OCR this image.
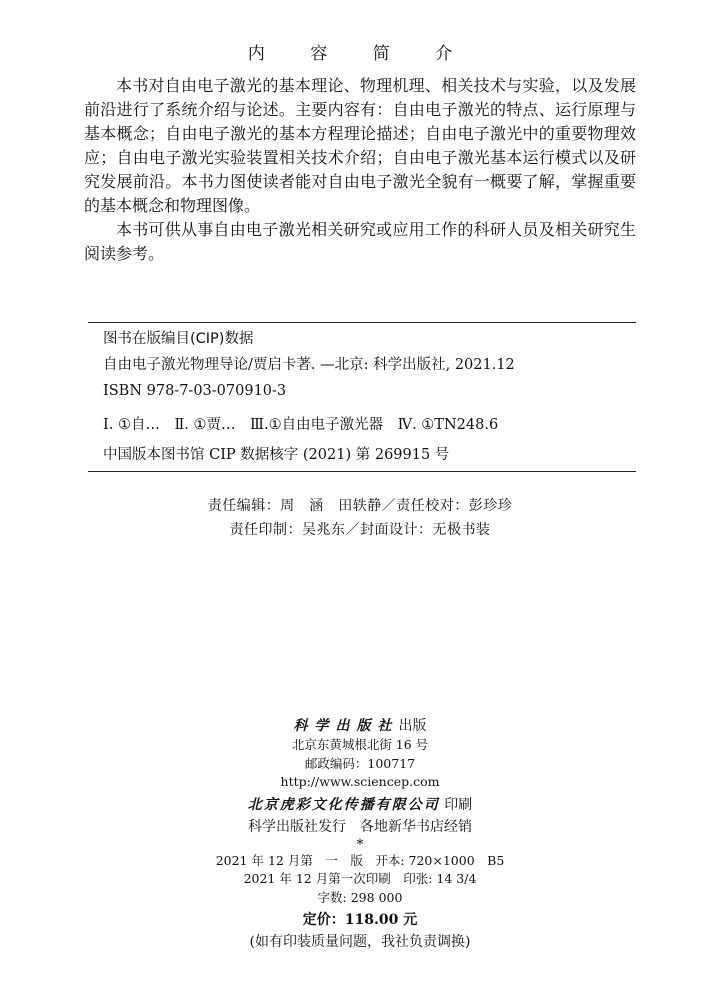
内 容 简 介

本书对自由电子激光的基本理论、物理机理、相关技术与实验，以及发展前沿进行了系统介绍与论述。主要内容有：自由电子激光的特点、运行原理与基本概念；自由电子激光的基本方程理论描述；自由电子激光中的重要物理效应；自由电子激光实验装置相关技术介绍；自由电子激光基本运行模式以及研究发展前沿。本书力图使读者能对自由电子激光全貌有一概要了解，掌握重要的基本概念和物理图像。

本书可供从事自由电子激光相关研究或应用工作的科研人员及相关研究生阅读参考。

图书在版编目(CIP)数据
自由电子激光物理导论/贾启卡著. —北京: 科学出版社, 2021.12
ISBN 978-7-03-070910-3
Ⅰ. ①自…　Ⅱ. ①贾…　Ⅲ.①自由电子激光器　Ⅳ. ①TN248.6
中国版本图书馆 CIP 数据核字 (2021) 第 269915 号
责任编辑：周　涵　田轶静／责任校对：彭珍珍
责任印制：吴兆东／封面设计：无极书装
科学出版社出版
北京东黄城根北街 16 号
邮政编码：100717
http://www.sciencep.com
北京虎彩文化传播有限公司 印刷
科学出版社发行　各地新华书店经销
*
2021 年 12 月第　一　版　开本: 720×1000　B5
2021 年 12 月第一次印刷　印张: 14 3/4
字数: 298 000
定价：118.00 元
(如有印装质量问题，我社负责调换)
